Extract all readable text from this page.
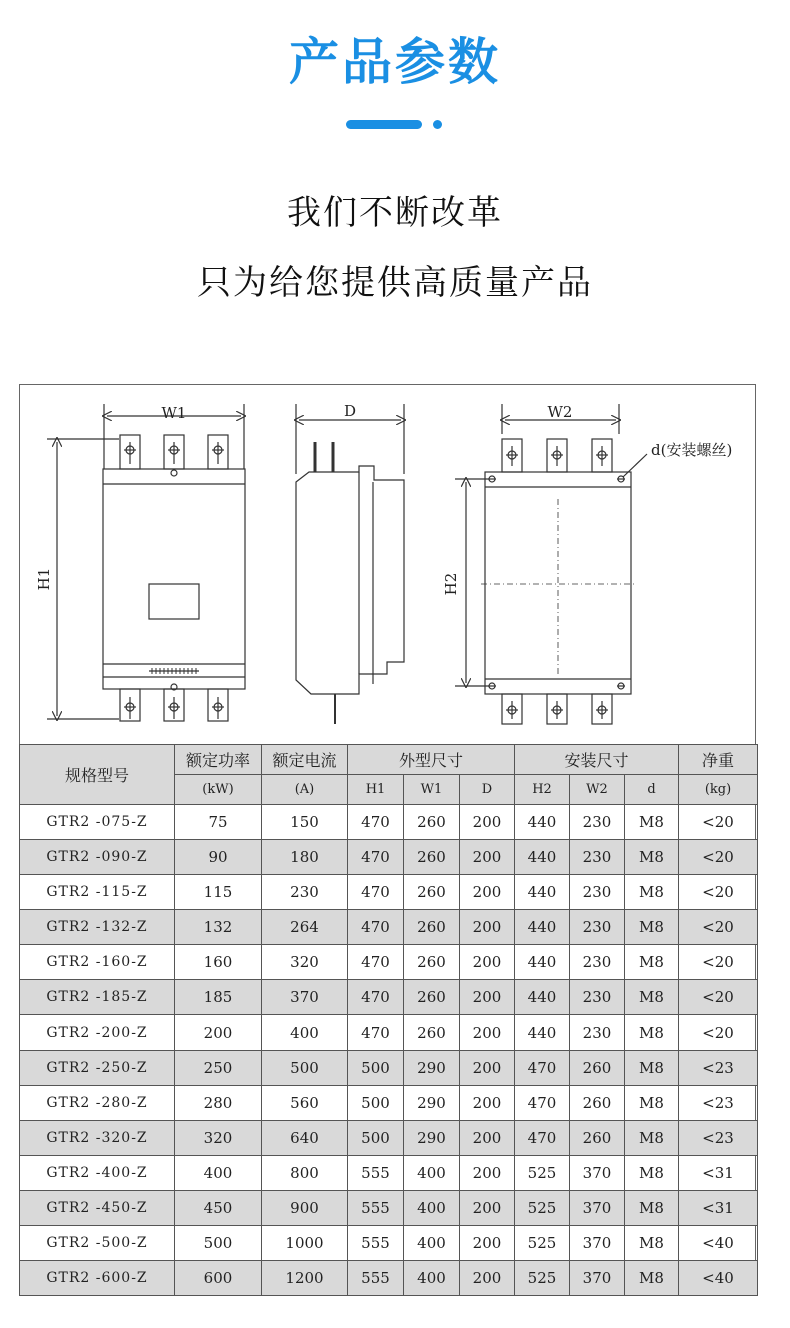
产品参数
我们不断改革
只为给您提供高质量产品
W1
H1
D	W2
H2
d(安装螺丝)
规格型号	额定功率	额定电流	外型尺寸			安装尺寸			净重
	(kW)	(A)	H1	W1	D	H2	W2	d	(kg)
GTR2 -075-Z	75	150	470	260	200	440	230	M8	<20
GTR2 -090-Z	90	180	470	260	200	440	230	M8	<20
GTR2 -115-Z	115	230	470	260	200	440	230	M8	<20
GTR2 -132-Z	132	264	470	260	200	440	230	M8	<20
GTR2 -160-Z	160	320	470	260	200	440	230	M8	<20
GTR2 -185-Z	185	370	470	260	200	440	230	M8	<20
GTR2 -200-Z	200	400	470	260	200	440	230	M8	<20
GTR2 -250-Z	250	500	500	290	200	470	260	M8	<23
GTR2 -280-Z	280	560	500	290	200	470	260	M8	<23
GTR2 -320-Z	320	640	500	290	200	470	260	M8	<23
GTR2 -400-Z	400	800	555	400	200	525	370	M8	<31
GTR2 -450-Z	450	900	555	400	200	525	370	M8	<31
GTR2 -500-Z	500	1000	555	400	200	525	370	M8	<40
GTR2 -600-Z	600	1200	555	400	200	525	370	M8	<40
